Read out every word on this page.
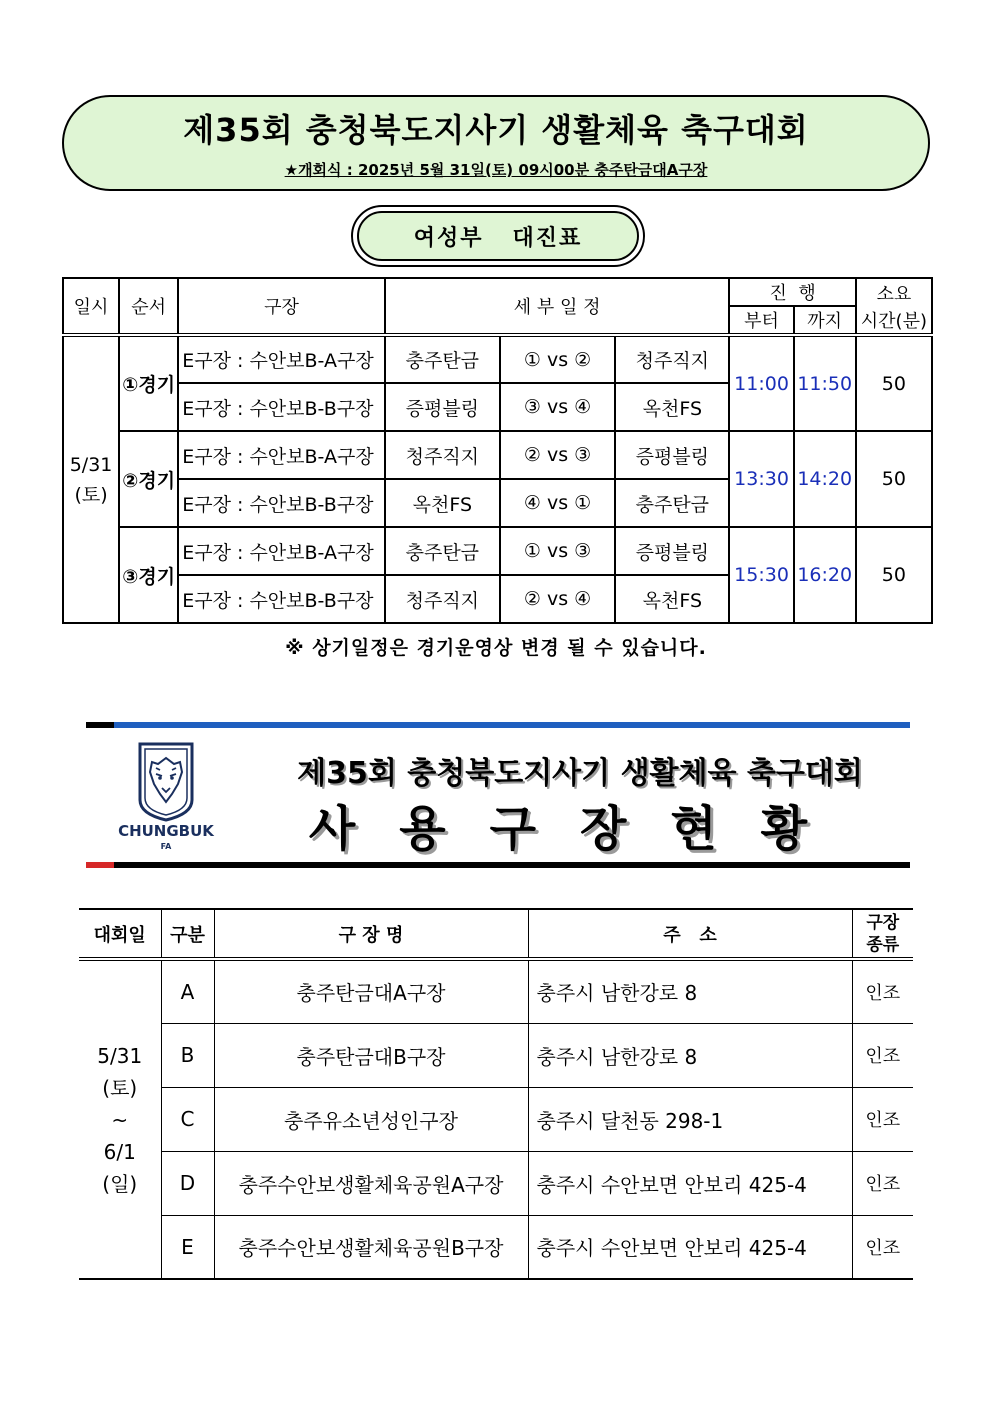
제35회 충청북도지사기 생활체육 축구대회
★개회식 : 2025년 5월 31일(토) 09시00분 충주탄금대A구장
여성부   대진표
일시	순서	구장	세 부 일 정			진  행		소요
						부터	까지	시간(분)
5/31
(토)	①경기	E구장 : 수안보B-A구장	충주탄금	① vs ②	청주직지	11:00	11:50	50
		E구장 : 수안보B-B구장	증평블링	③ vs ④	옥천FS			
	②경기	E구장 : 수안보B-A구장	청주직지	② vs ③	증평블링	13:30	14:20	50
		E구장 : 수안보B-B구장	옥천FS	④ vs ①	충주탄금			
	③경기	E구장 : 수안보B-A구장	충주탄금	① vs ③	증평블링	15:30	16:20	50
		E구장 : 수안보B-B구장	청주직지	② vs ④	옥천FS			
※ 상기일정은 경기운영상 변경 될 수 있습니다.
CHUNGBUK
FA
제35회 충청북도지사기 생활체육 축구대회
사용구장현황
대회일	구분	구 장 명	주   소	구장
종류

5/31
(토)
~
6/1
(일)	A	충주탄금대A구장	충주시 남한강로 8	인조
	B	충주탄금대B구장	충주시 남한강로 8	인조
	C	충주유소년성인구장	충주시 달천동 298-1	인조
	D	충주수안보생활체육공원A구장	충주시 수안보면 안보리 425-4	인조
	E	충주수안보생활체육공원B구장	충주시 수안보면 안보리 425-4	인조
